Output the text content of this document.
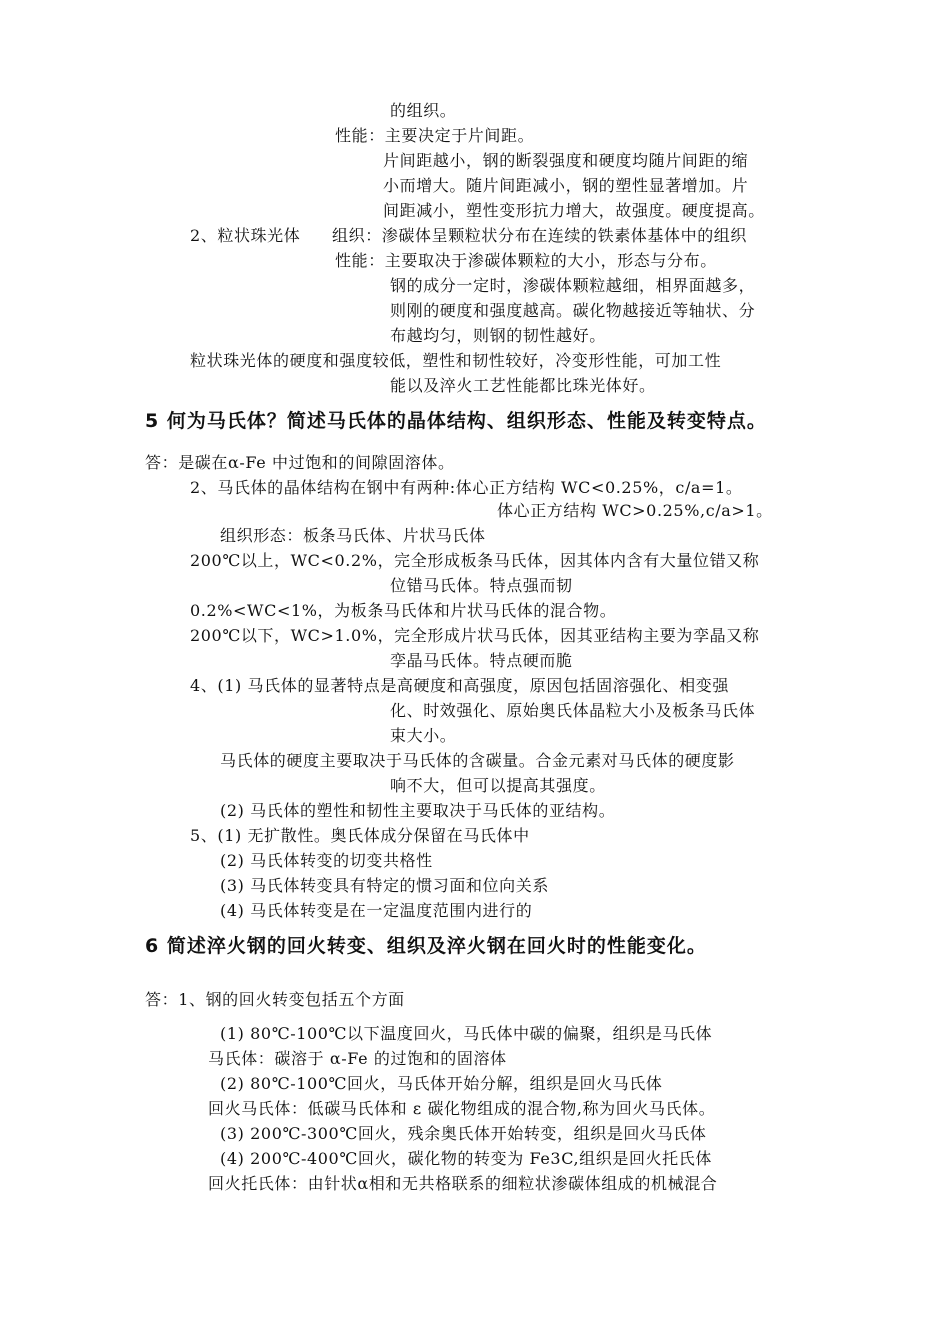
的组织。
性能：主要决定于片间距。
片间距越小，钢的断裂强度和硬度均随片间距的缩
小而增大。随片间距减小，钢的塑性显著增加。片
间距减小，塑性变形抗力增大，故强度。硬度提高。
2、粒状珠光体 组织：渗碳体呈颗粒状分布在连续的铁素体基体中的组织
性能：主要取决于渗碳体颗粒的大小，形态与分布。
钢的成分一定时，渗碳体颗粒越细，相界面越多，
则刚的硬度和强度越高。碳化物越接近等轴状、分
布越均匀，则钢的韧性越好。
粒状珠光体的硬度和强度较低，塑性和韧性较好，冷变形性能，可加工性
能以及淬火工艺性能都比珠光体好。
5 何为马氏体？简述马氏体的晶体结构、组织形态、性能及转变特点。
答：是碳在α-Fe 中过饱和的间隙固溶体。
2、马氏体的晶体结构在钢中有两种:体心正方结构 WC<0.25%，c/a=1。
体心正方结构 WC>0.25%,c/a>1。
组织形态：板条马氏体、片状马氏体
200℃以上，WC<0.2%，完全形成板条马氏体，因其体内含有大量位错又称
位错马氏体。特点强而韧
0.2%<WC<1%，为板条马氏体和片状马氏体的混合物。
200℃以下，WC>1.0%，完全形成片状马氏体，因其亚结构主要为孪晶又称
孪晶马氏体。特点硬而脆
4、(1) 马氏体的显著特点是高硬度和高强度，原因包括固溶强化、相变强
化、时效强化、原始奥氏体晶粒大小及板条马氏体
束大小。
马氏体的硬度主要取决于马氏体的含碳量。合金元素对马氏体的硬度影
响不大，但可以提高其强度。
(2) 马氏体的塑性和韧性主要取决于马氏体的亚结构。
5、(1) 无扩散性。奥氏体成分保留在马氏体中
(2) 马氏体转变的切变共格性
(3) 马氏体转变具有特定的惯习面和位向关系
(4) 马氏体转变是在一定温度范围内进行的
6 简述淬火钢的回火转变、组织及淬火钢在回火时的性能变化。
答：1、钢的回火转变包括五个方面
(1) 80℃-100℃以下温度回火，马氏体中碳的偏聚，组织是马氏体
马氏体：碳溶于 α-Fe 的过饱和的固溶体
(2) 80℃-100℃回火，马氏体开始分解，组织是回火马氏体
回火马氏体：低碳马氏体和 ε 碳化物组成的混合物,称为回火马氏体。
(3) 200℃-300℃回火，残余奥氏体开始转变，组织是回火马氏体
(4) 200℃-400℃回火，碳化物的转变为 Fe3C,组织是回火托氏体
回火托氏体：由针状α相和无共格联系的细粒状渗碳体组成的机械混合
